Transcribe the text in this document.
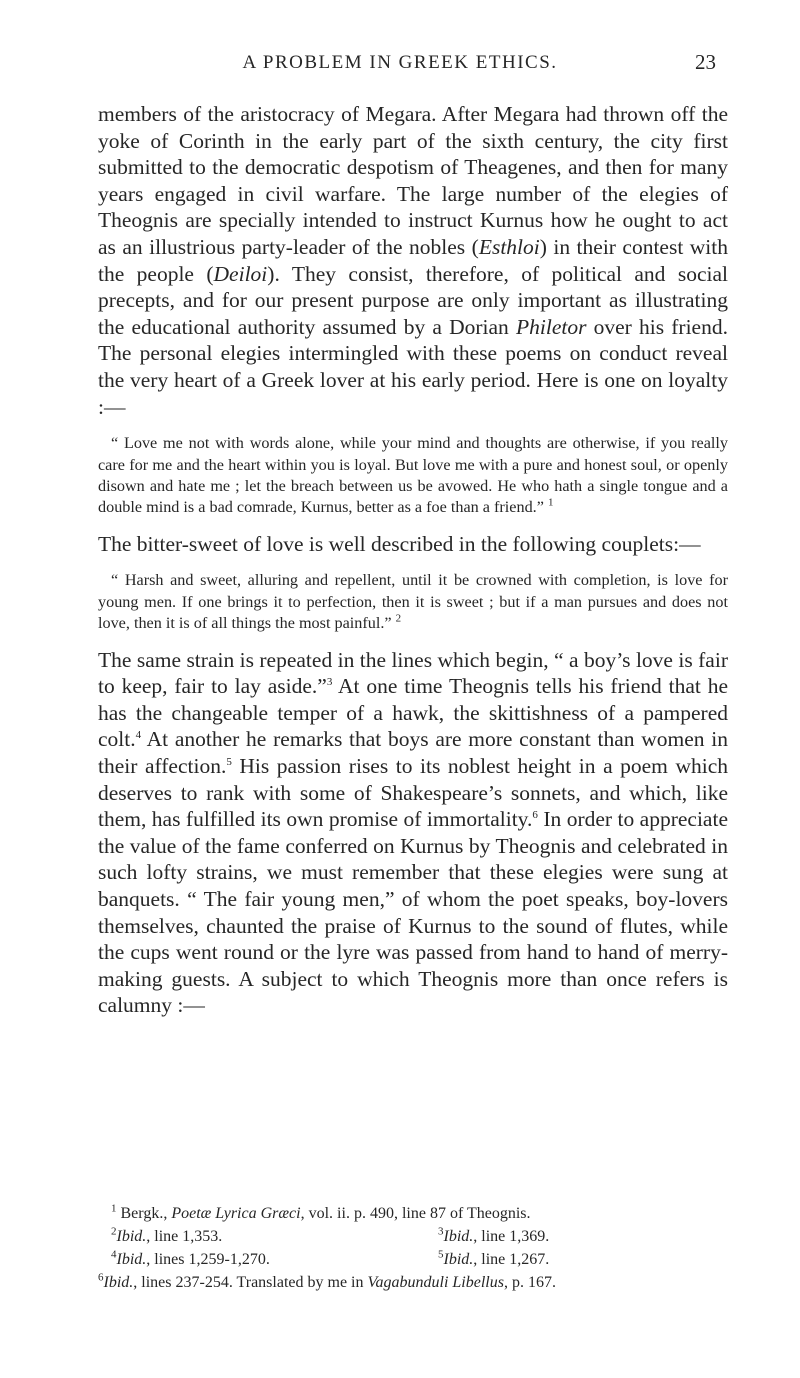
A PROBLEM IN GREEK ETHICS.	23

members of the aristocracy of Megara. After Megara had thrown off the yoke of Corinth in the early part of the sixth century, the city first submitted to the democratic despotism of Theagenes, and then for many years engaged in civil warfare. The large number of the elegies of Theognis are specially intended to instruct Kurnus how he ought to act as an illustrious party-leader of the nobles (Esthloi) in their contest with the people (Deiloi). They consist, therefore, of political and social precepts, and for our present purpose are only important as illustrating the educational authority assumed by a Dorian Philetor over his friend. The personal elegies intermingled with these poems on conduct reveal the very heart of a Greek lover at his early period. Here is one on loyalty :—

“ Love me not with words alone, while your mind and thoughts are otherwise, if you really care for me and the heart within you is loyal. But love me with a pure and honest soul, or openly disown and hate me ; let the breach between us be avowed. He who hath a single tongue and a double mind is a bad comrade, Kurnus, better as a foe than a friend.” $^1$

The bitter-sweet of love is well described in the following couplets:—

“ Harsh and sweet, alluring and repellent, until it be crowned with completion, is love for young men. If one brings it to perfection, then it is sweet ; but if a man pursues and does not love, then it is of all things the most painful.” $^2$

The same strain is repeated in the lines which begin, “ a boy’s love is fair to keep, fair to lay aside.”$^3$ At one time Theognis tells his friend that he has the changeable temper of a hawk, the skittishness of a pampered colt.$^4$ At another he remarks that boys are more constant than women in their affection.$^5$ His passion rises to its noblest height in a poem which deserves to rank with some of Shakespeare’s sonnets, and which, like them, has fulfilled its own promise of immortality.$^6$ In order to appreciate the value of the fame conferred on Kurnus by Theognis and celebrated in such lofty strains, we must remember that these elegies were sung at banquets. “ The fair young men,” of whom the poet speaks, boy-lovers themselves, chaunted the praise of Kurnus to the sound of flutes, while the cups went round or the lyre was passed from hand to hand of merry-making guests. A subject to which Theognis more than once refers is calumny :—

$^1$ Bergk., Poetæ Lyrica Græci, vol. ii. p. 490, line 87 of Theognis.
$^2$Ibid., line 1,353.	$^3$Ibid., line 1,369.
$^4$Ibid., lines 1,259-1,270.	$^5$Ibid., line 1,267.
$^6$Ibid., lines 237-254. Translated by me in Vagabunduli Libellus, p. 167.
